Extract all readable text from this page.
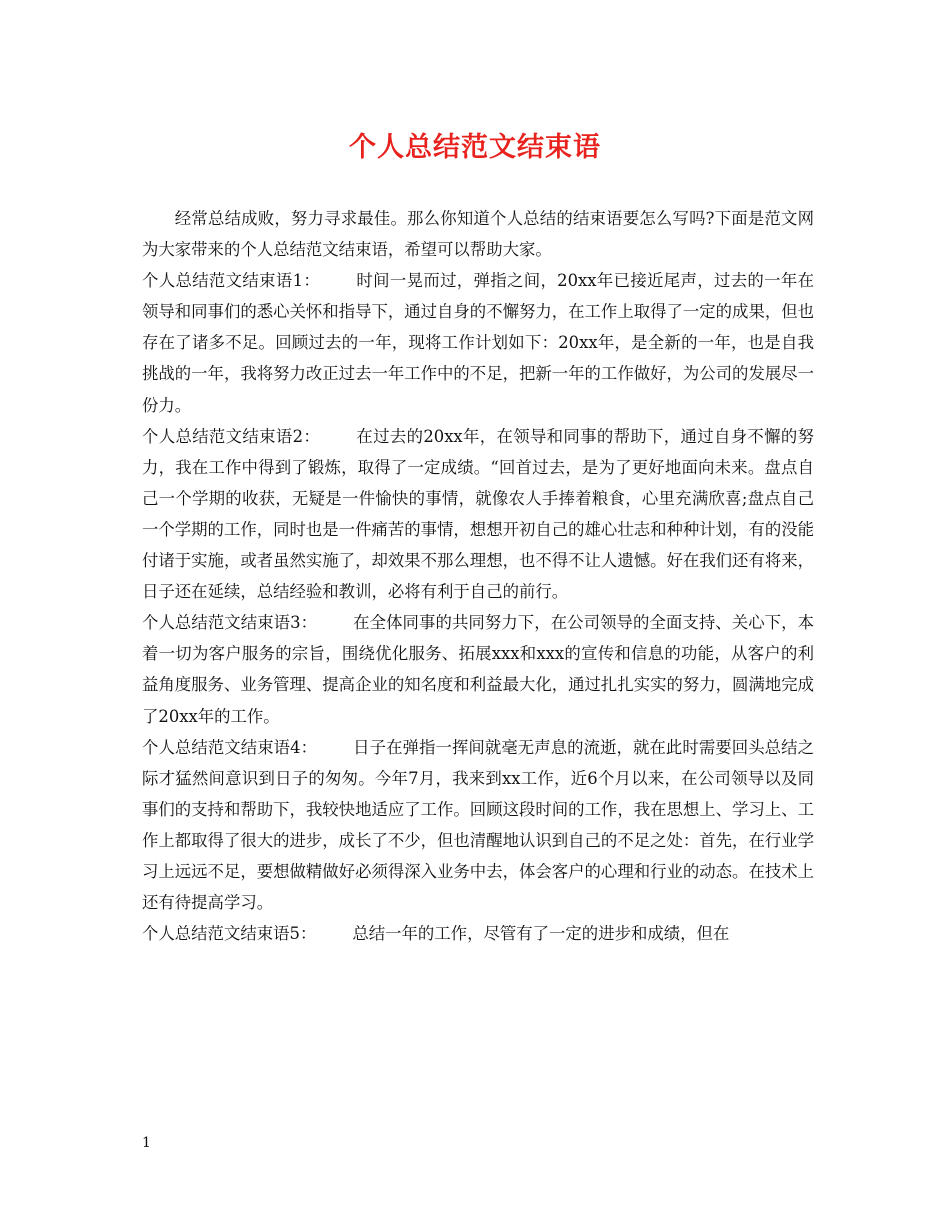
个人总结范文结束语

经常总结成败，努力寻求最佳。那么你知道个人总结的结束语要怎么写吗?下面是范文网为大家带来的个人总结范文结束语，希望可以帮助大家。

个人总结范文结束语1： 时间一晃而过，弹指之间，20xx年已接近尾声，过去的一年在领导和同事们的悉心关怀和指导下，通过自身的不懈努力，在工作上取得了一定的成果，但也存在了诸多不足。回顾过去的一年，现将工作计划如下：20xx年，是全新的一年，也是自我挑战的一年，我将努力改正过去一年工作中的不足，把新一年的工作做好，为公司的发展尽一份力。

个人总结范文结束语2： 在过去的20xx年，在领导和同事的帮助下，通过自身不懈的努力，我在工作中得到了锻炼，取得了一定成绩。“回首过去，是为了更好地面向未来。盘点自己一个学期的收获，无疑是一件愉快的事情，就像农人手捧着粮食，心里充满欣喜;盘点自己一个学期的工作，同时也是一件痛苦的事情，想想开初自己的雄心壮志和种种计划，有的没能付诸于实施，或者虽然实施了，却效果不那么理想，也不得不让人遗憾。好在我们还有将来，日子还在延续，总结经验和教训，必将有利于自己的前行。

个人总结范文结束语3： 在全体同事的共同努力下，在公司领导的全面支持、关心下，本着一切为客户服务的宗旨，围绕优化服务、拓展xxx和xxx的宣传和信息的功能，从客户的利益角度服务、业务管理、提高企业的知名度和利益最大化，通过扎扎实实的努力，圆满地完成了20xx年的工作。

个人总结范文结束语4： 日子在弹指一挥间就毫无声息的流逝，就在此时需要回头总结之际才猛然间意识到日子的匆匆。今年7月，我来到xx工作，近6个月以来，在公司领导以及同事们的支持和帮助下，我较快地适应了工作。回顾这段时间的工作，我在思想上、学习上、工作上都取得了很大的进步，成长了不少，但也清醒地认识到自己的不足之处：首先，在行业学习上远远不足，要想做精做好必须得深入业务中去，体会客户的心理和行业的动态。在技术上还有待提高学习。

个人总结范文结束语5： 总结一年的工作，尽管有了一定的进步和成绩，但在

1
